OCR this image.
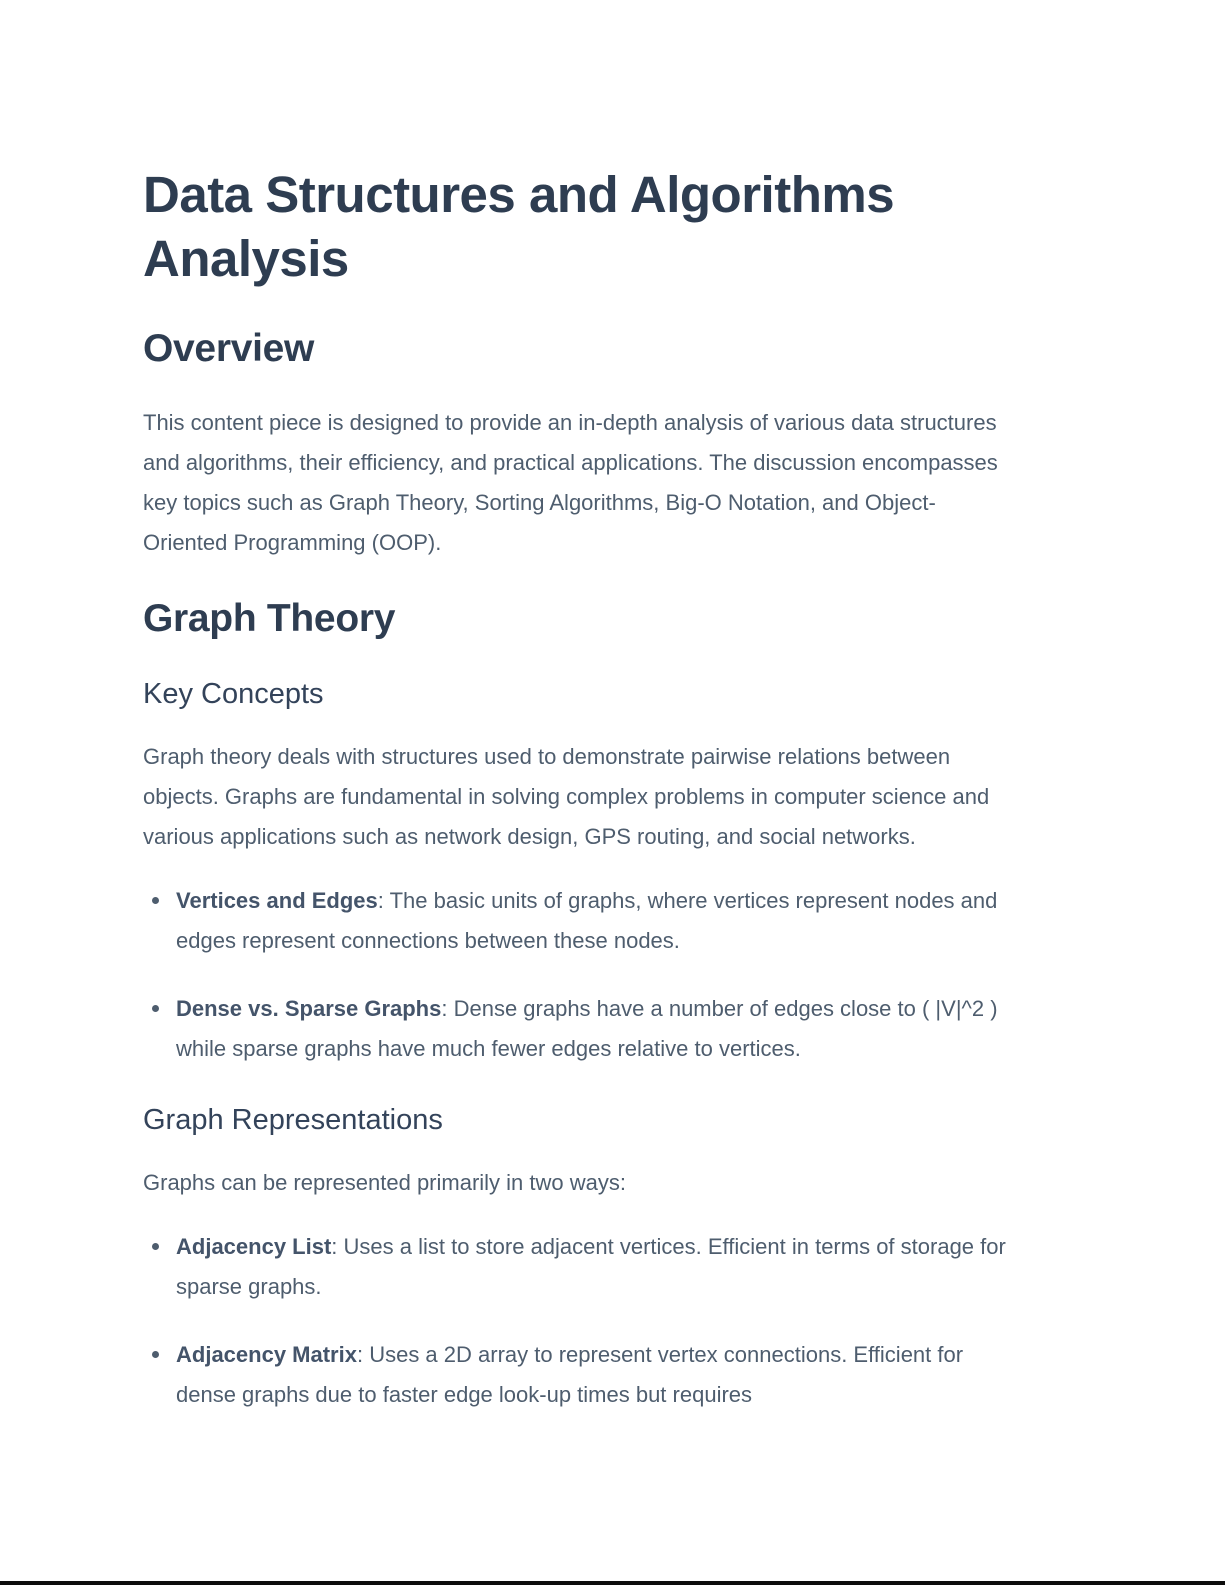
Data Structures and Algorithms Analysis
Overview

This content piece is designed to provide an in-depth analysis of various data structures and algorithms, their efficiency, and practical applications. The discussion encompasses key topics such as Graph Theory, Sorting Algorithms, Big-O Notation, and Object-Oriented Programming (OOP).

Graph Theory
Key Concepts

Graph theory deals with structures used to demonstrate pairwise relations between objects. Graphs are fundamental in solving complex problems in computer science and various applications such as network design, GPS routing, and social networks.

Vertices and Edges: The basic units of graphs, where vertices represent nodes and edges represent connections between these nodes.
Dense vs. Sparse Graphs: Dense graphs have a number of edges close to ( |V|^2 ) while sparse graphs have much fewer edges relative to vertices.
Graph Representations

Graphs can be represented primarily in two ways:

Adjacency List: Uses a list to store adjacent vertices. Efficient in terms of storage for sparse graphs.
Adjacency Matrix: Uses a 2D array to represent vertex connections. Efficient for dense graphs due to faster edge look-up times but requires
